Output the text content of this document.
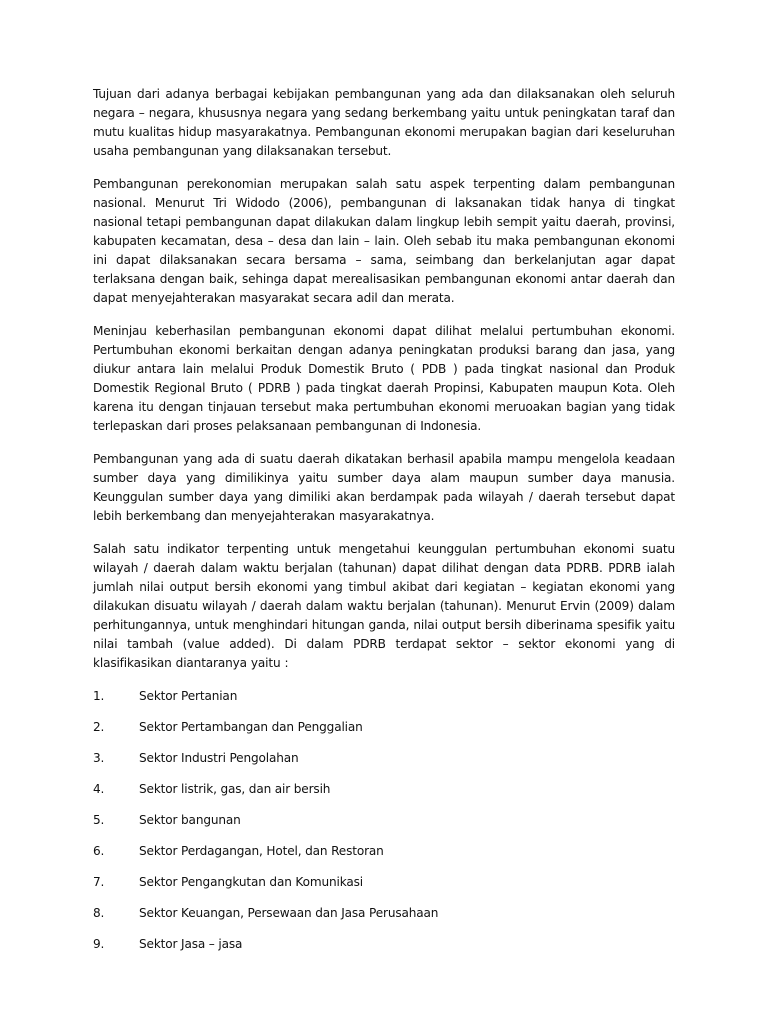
Tujuan dari adanya berbagai kebijakan pembangunan yang ada dan dilaksanakan oleh seluruh negara – negara, khususnya negara yang sedang berkembang yaitu untuk peningkatan taraf dan mutu kualitas hidup masyarakatnya. Pembangunan ekonomi merupakan bagian dari keseluruhan usaha pembangunan yang dilaksanakan tersebut.

Pembangunan perekonomian merupakan salah satu aspek terpenting dalam pembangunan nasional. Menurut Tri Widodo (2006), pembangunan di laksanakan tidak hanya di tingkat nasional tetapi pembangunan dapat dilakukan dalam lingkup lebih sempit yaitu daerah, provinsi, kabupaten kecamatan, desa – desa dan lain – lain. Oleh sebab itu maka pembangunan ekonomi ini dapat dilaksanakan secara bersama – sama, seimbang dan berkelanjutan agar dapat terlaksana dengan baik, sehinga dapat merealisasikan pembangunan ekonomi antar daerah dan dapat menyejahterakan masyarakat secara adil dan merata.

Meninjau keberhasilan pembangunan ekonomi dapat dilihat melalui pertumbuhan ekonomi. Pertumbuhan ekonomi berkaitan dengan adanya peningkatan produksi barang dan jasa, yang diukur antara lain melalui Produk Domestik Bruto ( PDB ) pada tingkat nasional dan Produk Domestik Regional Bruto ( PDRB ) pada tingkat daerah Propinsi, Kabupaten maupun Kota. Oleh karena itu dengan tinjauan tersebut maka pertumbuhan ekonomi meruoakan bagian yang tidak terlepaskan dari proses pelaksanaan pembangunan di Indonesia.

Pembangunan yang ada di suatu daerah dikatakan berhasil apabila mampu mengelola keadaan sumber daya yang dimilikinya yaitu sumber daya alam maupun sumber daya manusia. Keunggulan sumber daya yang dimiliki akan berdampak pada wilayah / daerah tersebut dapat lebih berkembang dan menyejahterakan masyarakatnya.

Salah satu indikator terpenting untuk mengetahui keunggulan pertumbuhan ekonomi suatu wilayah / daerah dalam waktu berjalan (tahunan) dapat dilihat dengan data PDRB. PDRB ialah jumlah nilai output bersih ekonomi yang timbul akibat dari kegiatan – kegiatan ekonomi yang dilakukan disuatu wilayah / daerah dalam waktu berjalan (tahunan). Menurut Ervin (2009) dalam perhitungannya, untuk menghindari hitungan ganda, nilai output bersih diberinama spesifik yaitu nilai tambah (value added). Di dalam PDRB terdapat sektor – sektor ekonomi yang di klasifikasikan diantaranya yaitu :

1.	Sektor Pertanian
2.	Sektor Pertambangan dan Penggalian
3.	Sektor Industri Pengolahan
4.	Sektor listrik, gas, dan air bersih
5.	Sektor bangunan
6.	Sektor Perdagangan, Hotel, dan Restoran
7.	Sektor Pengangkutan dan Komunikasi
8.	Sektor Keuangan, Persewaan dan Jasa Perusahaan
9.	Sektor Jasa – jasa
